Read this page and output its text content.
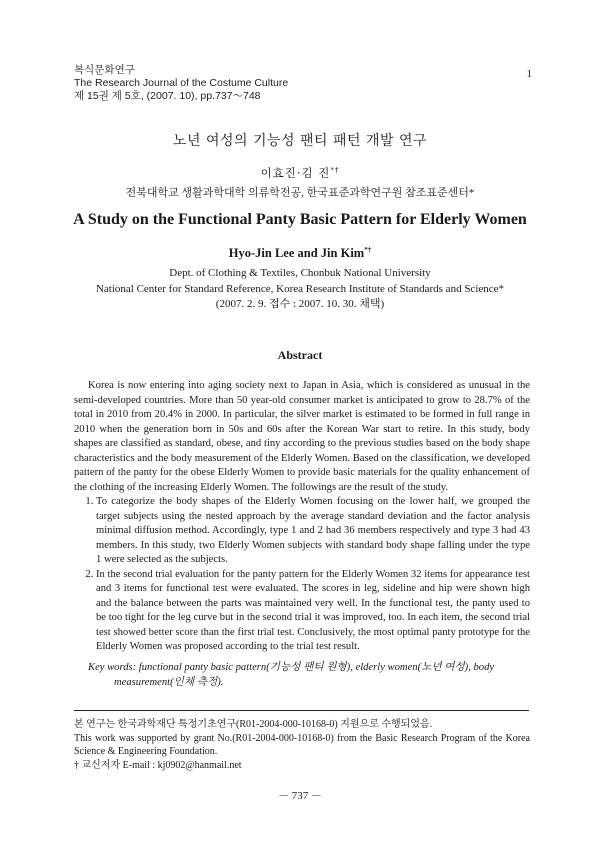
복식문화연구
The Research Journal of the Costume Culture
제 15권 제 5호, (2007. 10), pp.737～748
1
노년 여성의 기능성 팬티 패턴 개발 연구
이효진·김 진*†
전북대학교 생활과학대학 의류학전공, 한국표준과학연구원 참조표준센터*
A Study on the Functional Panty Basic Pattern for Elderly Women
Hyo-Jin Lee and Jin Kim*†
Dept. of Clothing & Textiles, Chonbuk National University
National Center for Standard Reference, Korea Research Institute of Standards and Science*
(2007. 2. 9. 접수 : 2007. 10. 30. 채택)
Abstract

Korea is now entering into aging society next to Japan in Asia, which is considered as unusual in the semi-developed countries. More than 50 year-old consumer market is anticipated to grow to 28.7% of the total in 2010 from 20.4% in 2000. In particular, the silver market is estimated to be formed in full range in 2010 when the generation born in 50s and 60s after the Korean War start to retire. In this study, body shapes are classified as standard, obese, and tiny according to the previous studies based on the body shape characteristics and the body measurement of the Elderly Women. Based on the classification, we developed pattern of the panty for the obese Elderly Women to provide basic materials for the quality enhancement of the clothing of the increasing Elderly Women. The followings are the result of the study.

1. To categorize the body shapes of the Elderly Women focusing on the lower half, we grouped the target subjects using the nested approach by the average standard deviation and the factor analysis minimal diffusion method. Accordingly, type 1 and 2 had 36 members respectively and type 3 had 43 members. In this study, two Elderly Women subjects with standard body shape falling under the type 1 were selected as the subjects.
2. In the second trial evaluation for the panty pattern for the Elderly Women 32 items for appearance test and 3 items for functional test were evaluated. The scores in leg, sideline and hip were shown high and the balance between the parts was maintained very well. In the functional test, the panty used to be too tight for the leg curve but in the second trial it was improved, too. In each item, the second trial test showed better score than the first trial test. Conclusively, the most optimal panty prototype for the Elderly Women was proposed according to the trial test result.
Key words: functional panty basic pattern(기능성 팬티 원형), elderly women(노년 여성), body measurement(인체 측정).
본 연구는 한국과학재단 특정기초연구(R01-2004-000-10168-0) 지원으로 수행되었음.
This work was supported by grant No.(R01-2004-000-10168-0) from the Basic Research Program of the Korea Science & Engineering Foundation.
† 교신저자 E-mail : kj0902@hanmail.net
－ 737 －
